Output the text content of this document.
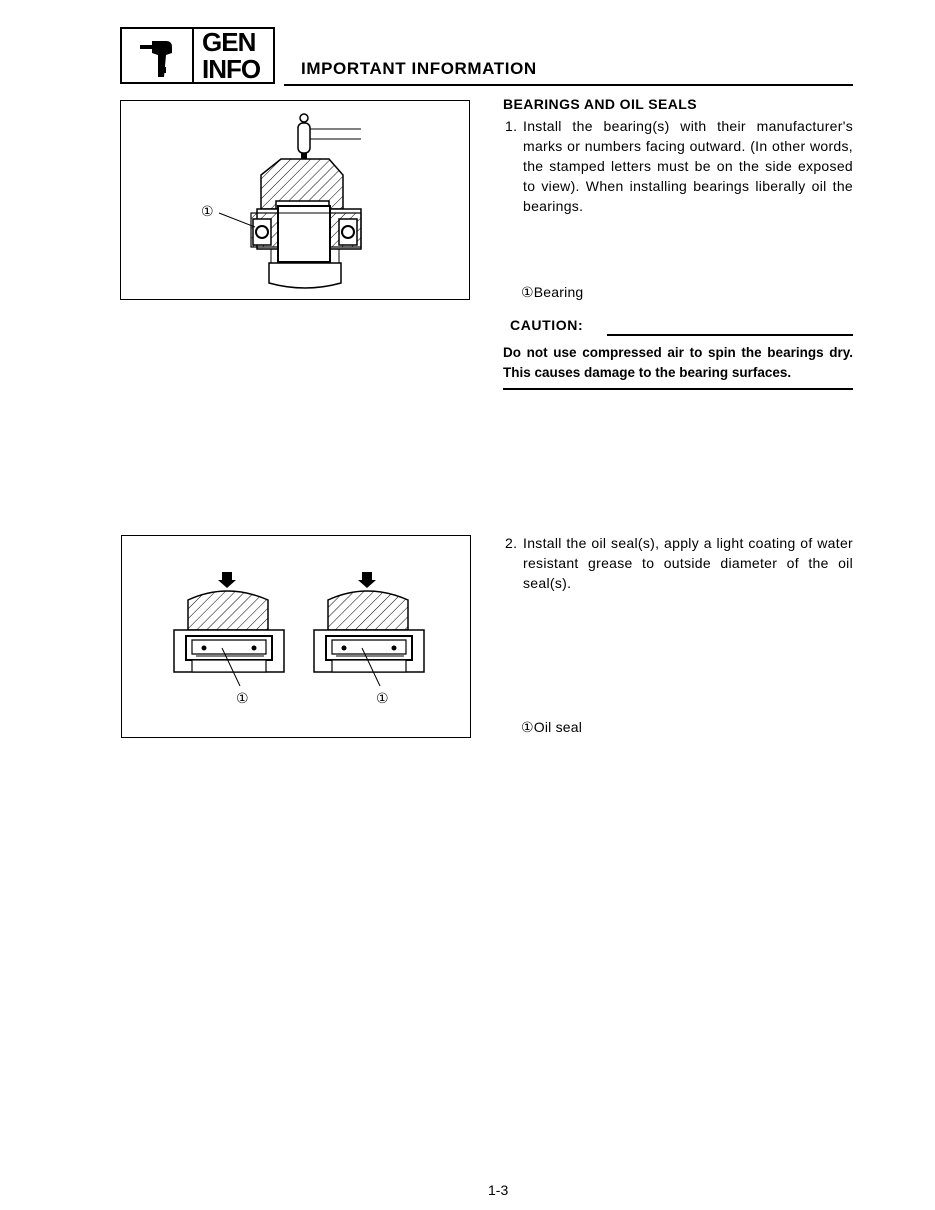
GEN
INFO	IMPORTANT INFORMATION
①
BEARINGS AND OIL SEALS
1. Install the bearing(s) with their manufacturer's marks or numbers facing outward. (In other words, the stamped letters must be on the side exposed to view). When installing bearings liberally oil the bearings.
①Bearing
CAUTION:
Do not use compressed air to spin the bearings dry. This causes damage to the bearing surfaces.
①	①
2. Install the oil seal(s), apply a light coating of water resistant grease to outside diameter of the oil seal(s).
①Oil seal
1-3
